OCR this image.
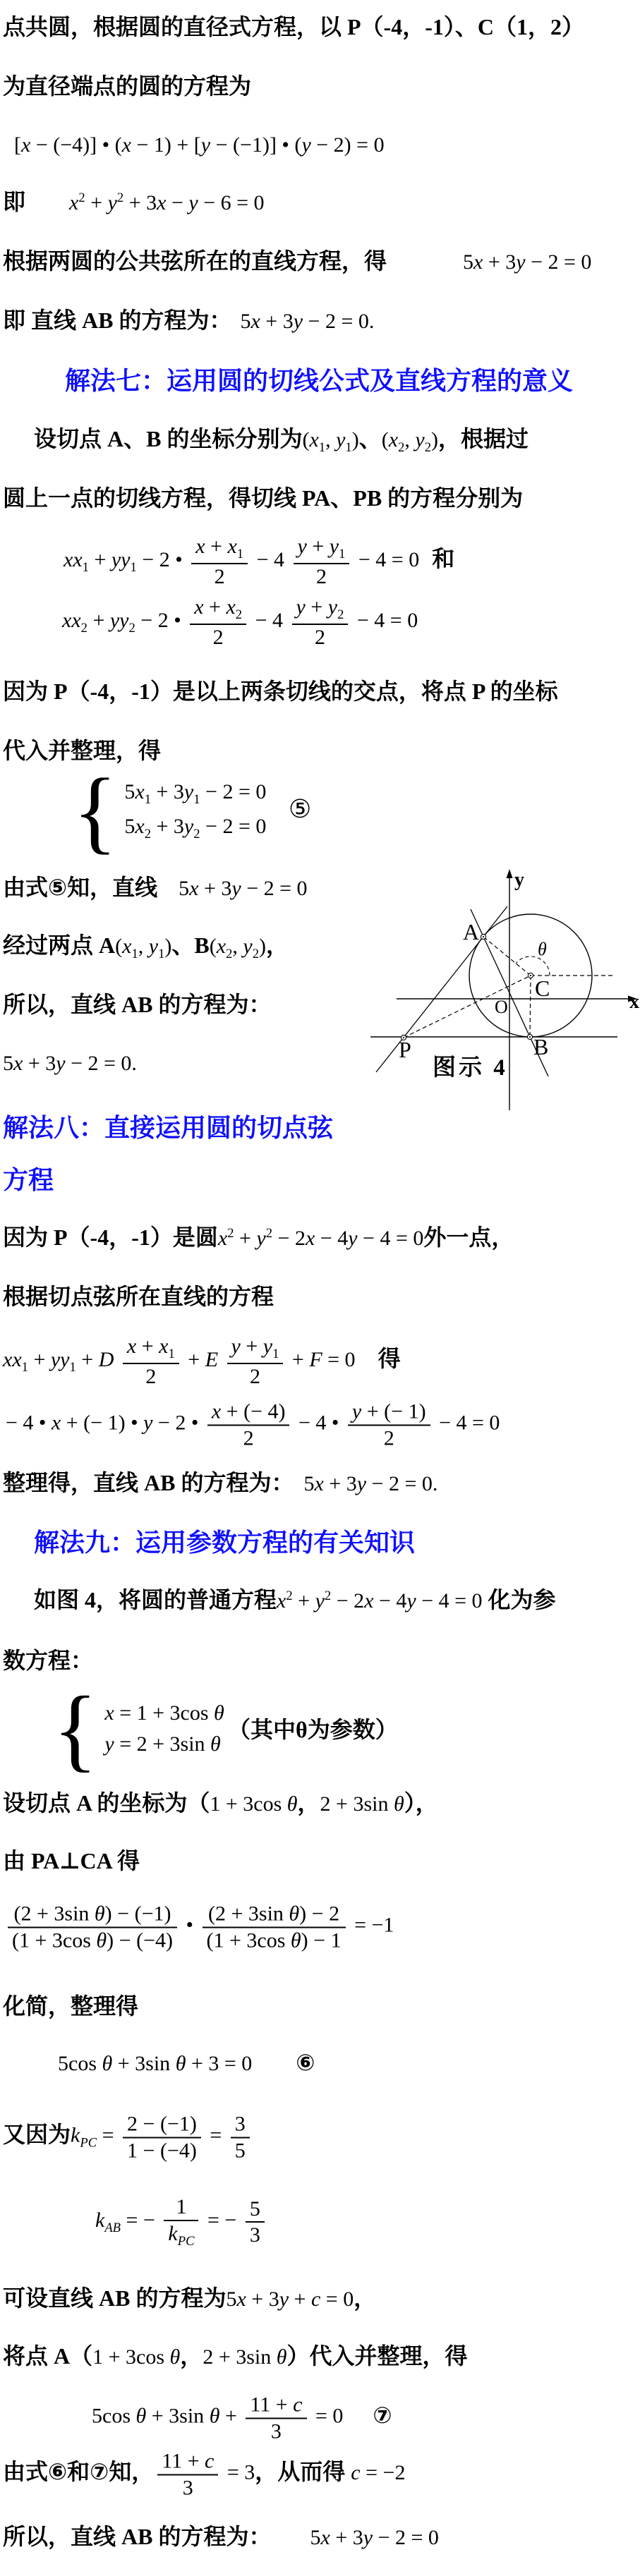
y
x
O
A
C
B
P
θ
图示 4
点共圆，根据圆的直径式方程，以 P（-4，-1）、C（1，2）
为直径端点的圆的方程为
[x − (−4)] • (x − 1) + [y − (−1)] • (y − 2) = 0
即 $x^2 + y^2 + 3x - y - 6 = 0$
根据两圆的公共弦所在的直线方程，得	5x + 3y − 2 = 0
即 直线 AB 的方程为： 5x + 3y − 2 = 0.
解法七：运用圆的切线公式及直线方程的意义
设切点 A、B 的坐标分别为($x_1$, $y_1$)、($x_2$, $y_2$)，根据过
圆上一点的切线方程，得切线 PA、PB 的方程分别为
$xx_1 + yy_1 - 2$ • $\frac{x + x_1}{2} - 4 \frac{y + y_1}{2} - 4 = 0$ 和
$xx_2 + yy_2 - 2$ • $\frac{x + x_2}{2} - 4 \frac{y + y_2}{2} - 4 = 0$
因为 P（-4，-1）是以上两条切线的交点，将点 P 的坐标
代入并整理，得
{ $5x_1 + 3y_1 - 2 = 0$
$5x_2 + 3y_2 - 2 = 0$
⑤
由式⑤知，直线 5x + 3y − 2 = 0
经过两点 $A(x_1$, $y_1$)、$B(x_2$, $y_2$)，
所以，直线 AB 的方程为：
5x + 3y − 2 = 0.
解法八：直接运用圆的切点弦
方程
因为 P（-4，-1）是圆$x^2 + y^2 - 2x - 4y - 4 = 0$外一点，
根据切点弦所在直线的方程
$xx_1 + yy_1 + D \frac{x + x_1}{2} + E \frac{y + y_1}{2} + F = 0$ 得
− 4 • x + (− 1) • y − 2 • $\frac{x + (- 4)}{2} - 4$ • $\frac{y + (- 1)}{2} - 4 = 0$
整理得，直线 AB 的方程为： 5x + 3y − 2 = 0.
解法九：运用参数方程的有关知识
如图 4，将圆的普通方程$x^2 + y^2 - 2x - 4y - 4 = 0$ 化为参
数方程：
{ x = 1 + 3cos θ
y = 2 + 3sin θ
（其中θ为参数）
设切点 A 的坐标为（1 + 3cos θ，2 + 3sin θ），
由 PA⊥CA 得
$\frac{\text{(2 + 3sin θ) − (−1)}}{\text{(1 + 3cos θ) − (−4)}}$ • $\frac{\text{(2 + 3sin θ) − 2}}{\text{(1 + 3cos θ) − 1}} = -1$
化简，整理得
5cos θ + 3sin θ + 3 = 0 ⑥
又因为$k_{PC} = \frac{2 - (-1)}{1 - (-4)} = \frac{3}{5}$
$k_{AB}$ = − $\frac{1}{k_{PC}}$ = − $\frac{5}{3}$
可设直线 AB 的方程为5x + 3y + c = 0，
将点 A（1 + 3cos θ，2 + 3sin θ）代入并整理，得
5cos θ + 3sin $\theta + \frac{11 + c}{3} = 0$ ⑦
由式⑥和⑦知， $\frac{11 + c}{3} = 3$，从而得 c = −2
所以，直线 AB 的方程为： 5x + 3y − 2 = 0
